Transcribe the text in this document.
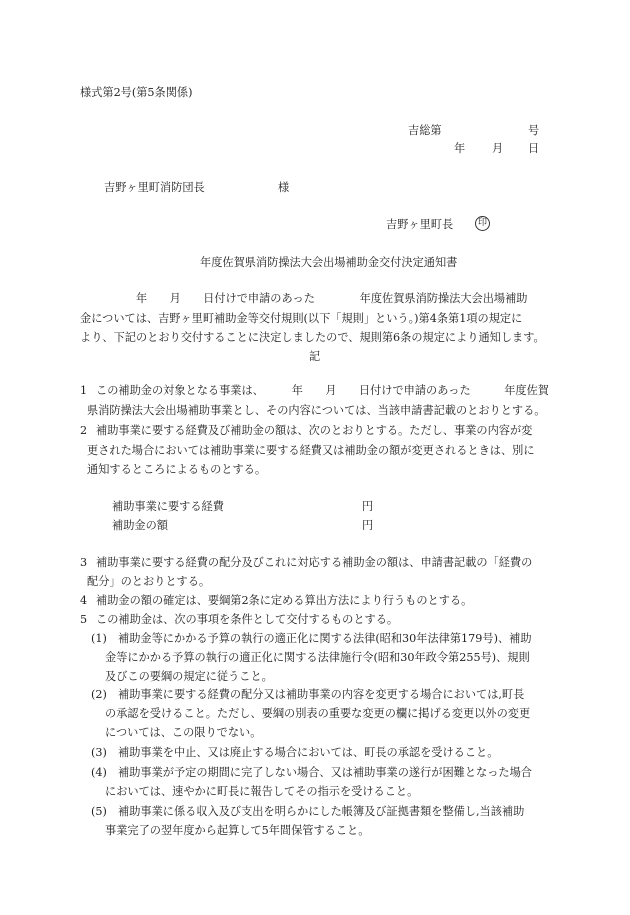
様式第2号(第5条関係)
吉総第	号
年 月 日
吉野ヶ里町消防団長	様
吉野ヶ里町長	印
年度佐賀県消防操法大会出場補助金交付決定通知書
年　　月　　日付けで申請のあった　　　　年度佐賀県消防操法大会出場補助
金については、吉野ヶ里町補助金等交付規則(以下「規則」という。)第4条第1項の規定に
より、下記のとおり交付することに決定しましたので、規則第6条の規定により通知します。
記
1 この補助金の対象となる事業は、　　　年　　月　　日付けで申請のあった　　　年度佐賀
県消防操法大会出場補助事業とし、その内容については、当該申請書記載のとおりとする。
2 補助事業に要する経費及び補助金の額は、次のとおりとする。ただし、事業の内容が変
更された場合においては補助事業に要する経費又は補助金の額が変更されるときは、別に
通知するところによるものとする。
補助事業に要する経費	円
補助金の額	円
3 補助事業に要する経費の配分及びこれに対応する補助金の額は、申請書記載の「経費の
配分」のとおりとする。
4 補助金の額の確定は、要綱第2条に定める算出方法により行うものとする。
5 この補助金は、次の事項を条件として交付するものとする。
(1) 補助金等にかかる予算の執行の適正化に関する法律(昭和30年法律第179号)、補助
金等にかかる予算の執行の適正化に関する法律施行令(昭和30年政令第255号)、規則
及びこの要綱の規定に従うこと。
(2) 補助事業に要する経費の配分又は補助事業の内容を変更する場合においては,町長
の承認を受けること。ただし、要綱の別表の重要な変更の欄に掲げる変更以外の変更
については、この限りでない。
(3) 補助事業を中止、又は廃止する場合においては、町長の承認を受けること。
(4) 補助事業が予定の期間に完了しない場合、又は補助事業の遂行が困難となった場合
においては、速やかに町長に報告してその指示を受けること。
(5) 補助事業に係る収入及び支出を明らかにした帳簿及び証拠書類を整備し,当該補助
事業完了の翌年度から起算して5年間保管すること。
